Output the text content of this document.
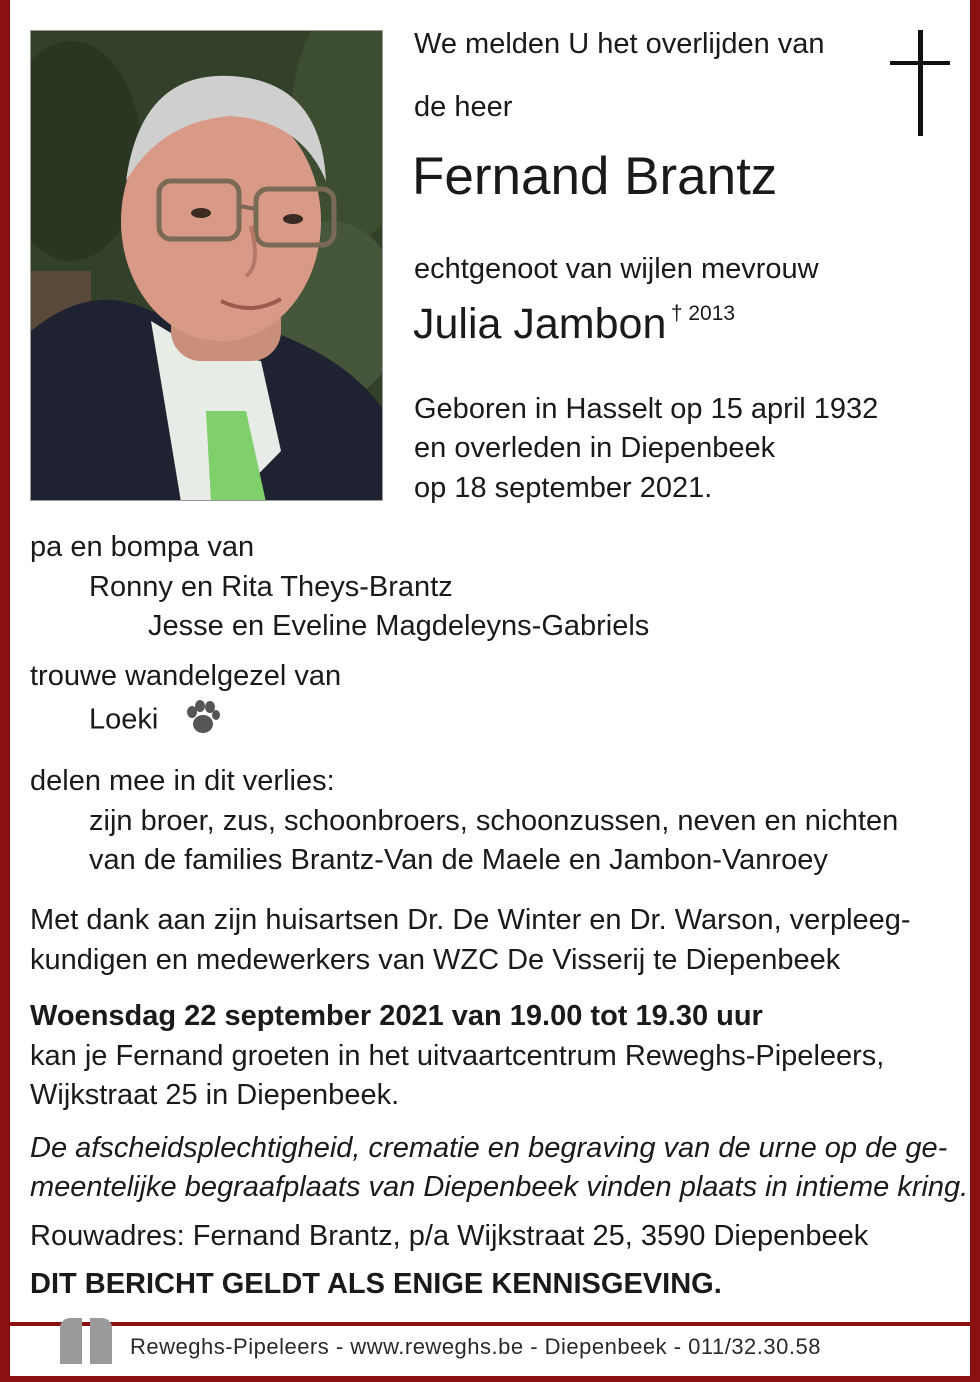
We melden U het overlijden van
de heer
Fernand Brantz
echtgenoot van wijlen mevrouw
Julia Jambon † 2013
Geboren in Hasselt op 15 april 1932
en overleden in Diepenbeek
op 18 september 2021.
pa en bompa van
Ronny en Rita Theys-Brantz
Jesse en Eveline Magdeleyns-Gabriels
trouwe wandelgezel van
Loeki
delen mee in dit verlies:
zijn broer, zus, schoonbroers, schoonzussen, neven en nichten
van de families Brantz-Van de Maele en Jambon-Vanroey
Met dank aan zijn huisartsen Dr. De Winter en Dr. Warson, verpleeg-
kundigen en medewerkers van WZC De Visserij te Diepenbeek
Woensdag 22 september 2021 van 19.00 tot 19.30 uur
kan je Fernand groeten in het uitvaartcentrum Reweghs-Pipeleers,
Wijkstraat 25 in Diepenbeek.
De afscheidsplechtigheid, crematie en begraving van de urne op de ge-
meentelijke begraafplaats van Diepenbeek vinden plaats in intieme kring.
Rouwadres: Fernand Brantz, p/a Wijkstraat 25, 3590 Diepenbeek
DIT BERICHT GELDT ALS ENIGE KENNISGEVING.
Reweghs-Pipeleers - www.reweghs.be - Diepenbeek - 011/32.30.58
